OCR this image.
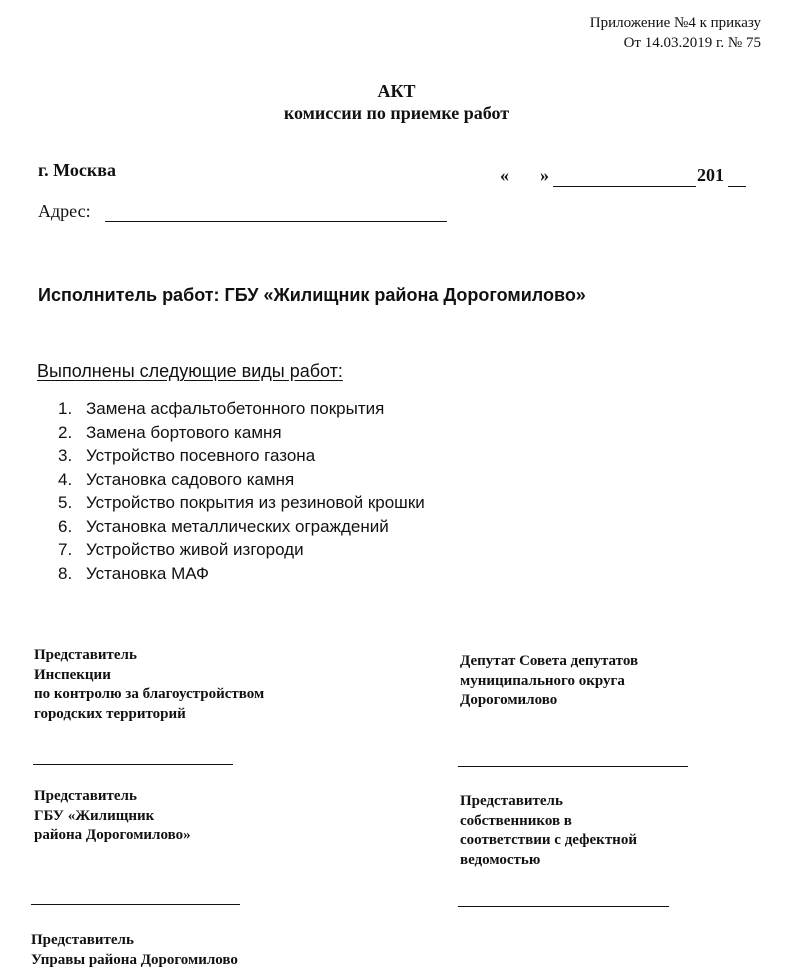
Приложение №4 к приказу
От 14.03.2019 г. № 75
АКТ
комиссии по приемке работ
г. Москва	« »	201
Адрес:
Исполнитель работ: ГБУ «Жилищник района Дорогомилово»
Выполнены следующие виды работ:
1. Замена асфальтобетонного покрытия
2. Замена бортового камня
3. Устройство посевного газона
4. Установка садового камня
5. Устройство покрытия из резиновой крошки
6. Установка металлических ограждений
7. Устройство живой изгороди
8. Установка МАФ
Представитель
Инспекции
по контролю за благоустройством
городских территорий
Депутат Совета депутатов
муниципального округа
Дорогомилово
Представитель
ГБУ «Жилищник
района Дорогомилово»
Представитель
собственников в
соответствии с дефектной
ведомостью
Представитель
Управы района Дорогомилово
